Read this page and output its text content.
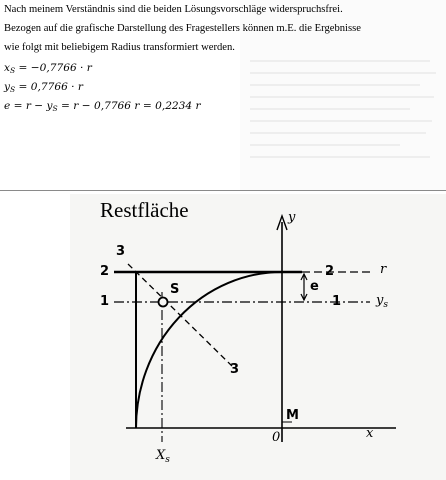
Nach meinem Verständnis sind die beiden Lösungsvorschläge widerspruchsfrei.
Bezogen auf die grafische Darstellung des Fragestellers können m.E. die Ergebnisse
wie folgt mit beliebigem Radius transformiert werden.
$x_S = -0,7766 \cdot r$
$y_S = 0,7766 \cdot r$
$e = r - y_S = r - 0,7766$ r = 0,2234 r
Restfläche	y
x
2
1
3
3
S	e
2	r
1	$y_s$
$X_s$
0
M
